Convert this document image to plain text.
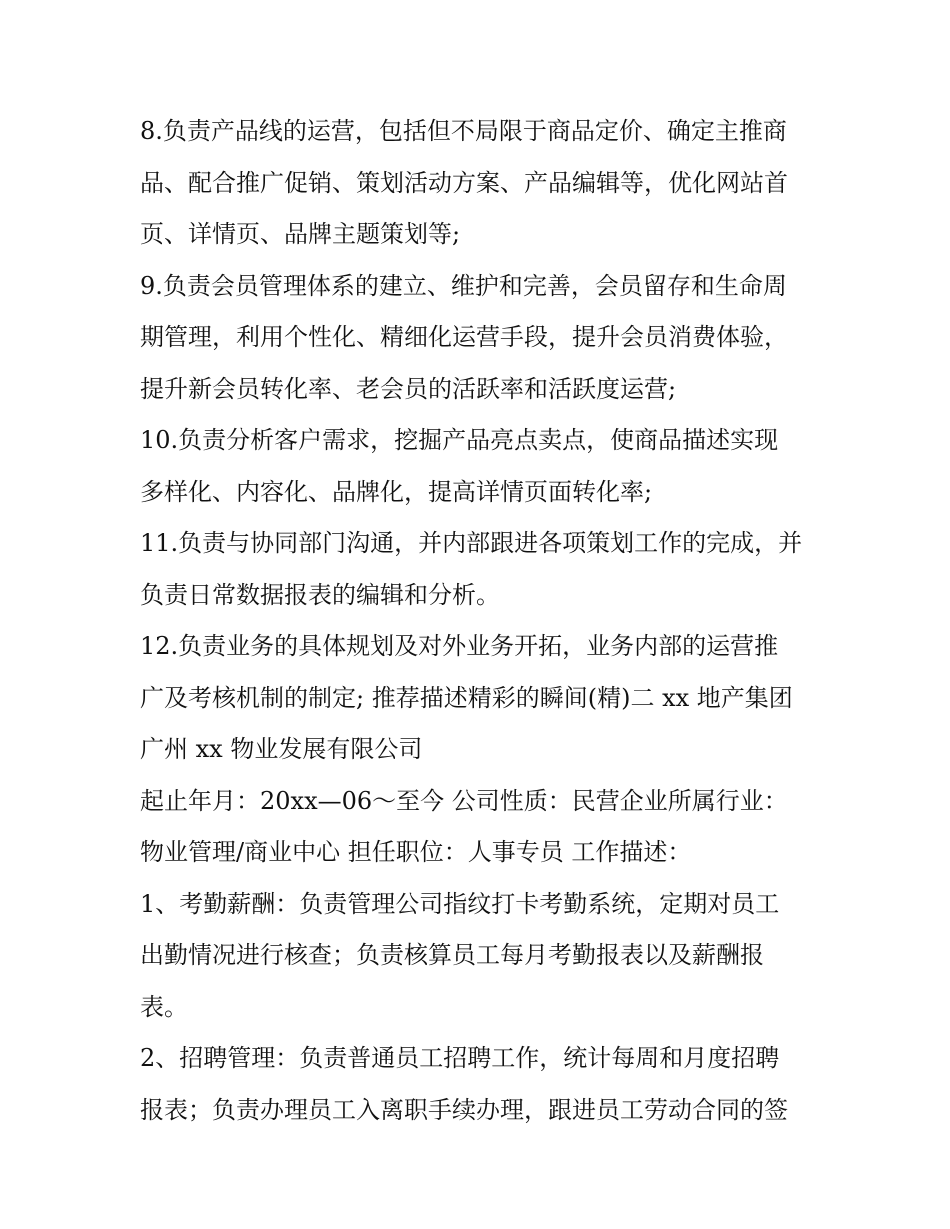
8.负责产品线的运营，包括但不局限于商品定价、确定主推商
品、配合推广促销、策划活动方案、产品编辑等，优化网站首
页、详情页、品牌主题策划等;
9.负责会员管理体系的建立、维护和完善，会员留存和生命周
期管理，利用个性化、精细化运营手段，提升会员消费体验，
提升新会员转化率、老会员的活跃率和活跃度运营;
10.负责分析客户需求，挖掘产品亮点卖点，使商品描述实现
多样化、内容化、品牌化，提高详情页面转化率;
11.负责与协同部门沟通，并内部跟进各项策划工作的完成，并
负责日常数据报表的编辑和分析。
12.负责业务的具体规划及对外业务开拓，业务内部的运营推
广及考核机制的制定; 推荐描述精彩的瞬间(精)二 xx 地产集团
广州 xx 物业发展有限公司
起止年月：20xx—06～至今 公司性质：民营企业所属行业：
物业管理/商业中心 担任职位：人事专员 工作描述：
1、考勤薪酬：负责管理公司指纹打卡考勤系统，定期对员工
出勤情况进行核查；负责核算员工每月考勤报表以及薪酬报
表。
2、招聘管理：负责普通员工招聘工作，统计每周和月度招聘
报表；负责办理员工入离职手续办理，跟进员工劳动合同的签
